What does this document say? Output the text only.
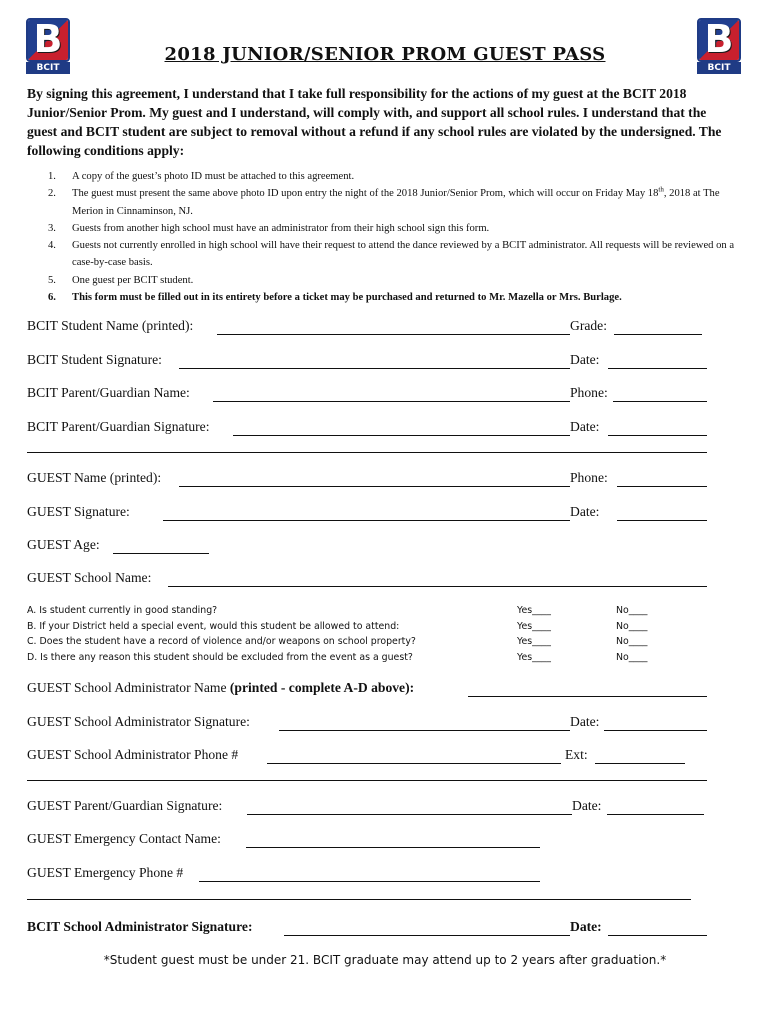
B
BCIT
B
BCIT
2018 JUNIOR/SENIOR PROM GUEST PASS
By signing this agreement, I understand that I take full responsibility for the actions of my guest at the BCIT 2018 Junior/Senior Prom. My guest and I understand, will comply with, and support all school rules. I understand that the guest and BCIT student are subject to removal without a refund if any school rules are violated by the undersigned. The following conditions apply:
1. A copy of the guest’s photo ID must be attached to this agreement.
2. The guest must present the same above photo ID upon entry the night of the 2018 Junior/Senior Prom, which will occur on Friday May 18th, 2018 at The Merion in Cinnaminson, NJ.
3. Guests from another high school must have an administrator from their high school sign this form.
4. Guests not currently enrolled in high school will have their request to attend the dance reviewed by a BCIT administrator. All requests will be reviewed on a case-by-case basis.
5. One guest per BCIT student.
6. This form must be filled out in its entirety before a ticket may be purchased and returned to Mr. Mazella or Mrs. Burlage.
BCIT Student Name (printed):	Grade:
BCIT Student Signature:	Date:
BCIT Parent/Guardian Name:	Phone:
BCIT Parent/Guardian Signature:	Date:
GUEST Name (printed):	Phone:
GUEST Signature:	Date:
GUEST Age:
GUEST School Name:
A. Is student currently in good standing?	Yes____	No____
B. If your District held a special event, would this student be allowed to attend:	Yes____	No____
C. Does the student have a record of violence and/or weapons on school property?	Yes____	No____
D. Is there any reason this student should be excluded from the event as a guest?	Yes____	No____
GUEST School Administrator Name (printed - complete A-D above):
GUEST School Administrator Signature:	Date:
GUEST School Administrator Phone #	Ext:
GUEST Parent/Guardian Signature:	Date:
GUEST Emergency Contact Name:
GUEST Emergency Phone #
BCIT School Administrator Signature:	Date:
*Student guest must be under 21. BCIT graduate may attend up to 2 years after graduation.*
